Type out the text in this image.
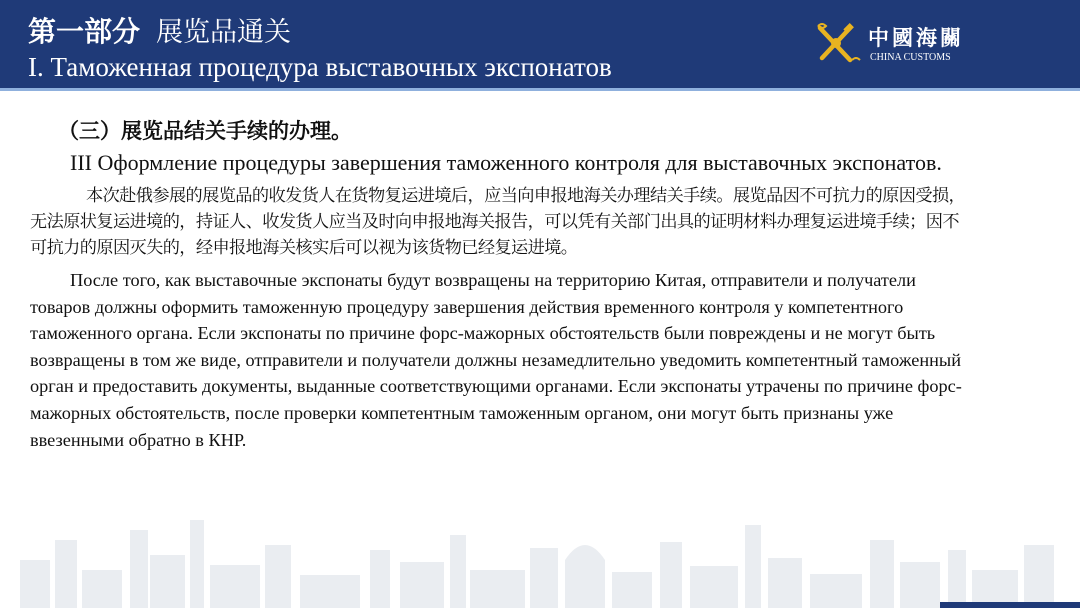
第一部分 展览品通关
I. Таможенная процедура выставочных экспонатов
中國海關
CHINA CUSTOMS
（三）展览品结关手续的办理。
III Оформление процедуры завершения таможенного контроля для выставочных экспонатов.
本次赴俄参展的展览品的收发货人在货物复运进境后，应当向申报地海关办理结关手续。展览品因不可抗力的原因受损，无法原状复运进境的，持证人、收发货人应当及时向申报地海关报告，可以凭有关部门出具的证明材料办理复运进境手续；因不可抗力的原因灭失的，经申报地海关核实后可以视为该货物已经复运进境。
После того, как выставочные экспонаты будут возвращены на территорию Китая, отправители и получатели товаров должны оформить таможенную процедуру завершения действия временного контроля у компетентного таможенного органа. Если экспонаты по причине форс-мажорных обстоятельств были повреждены и не могут быть возвращены в том же виде, отправители и получатели должны незамедлительно уведомить компетентный таможенный орган и предоставить документы, выданные соответствующими органами. Если экспонаты утрачены по причине форс-мажорных обстоятельств, после проверки компетентным таможенным органом, они могут быть признаны уже ввезенными обратно в КНР.
